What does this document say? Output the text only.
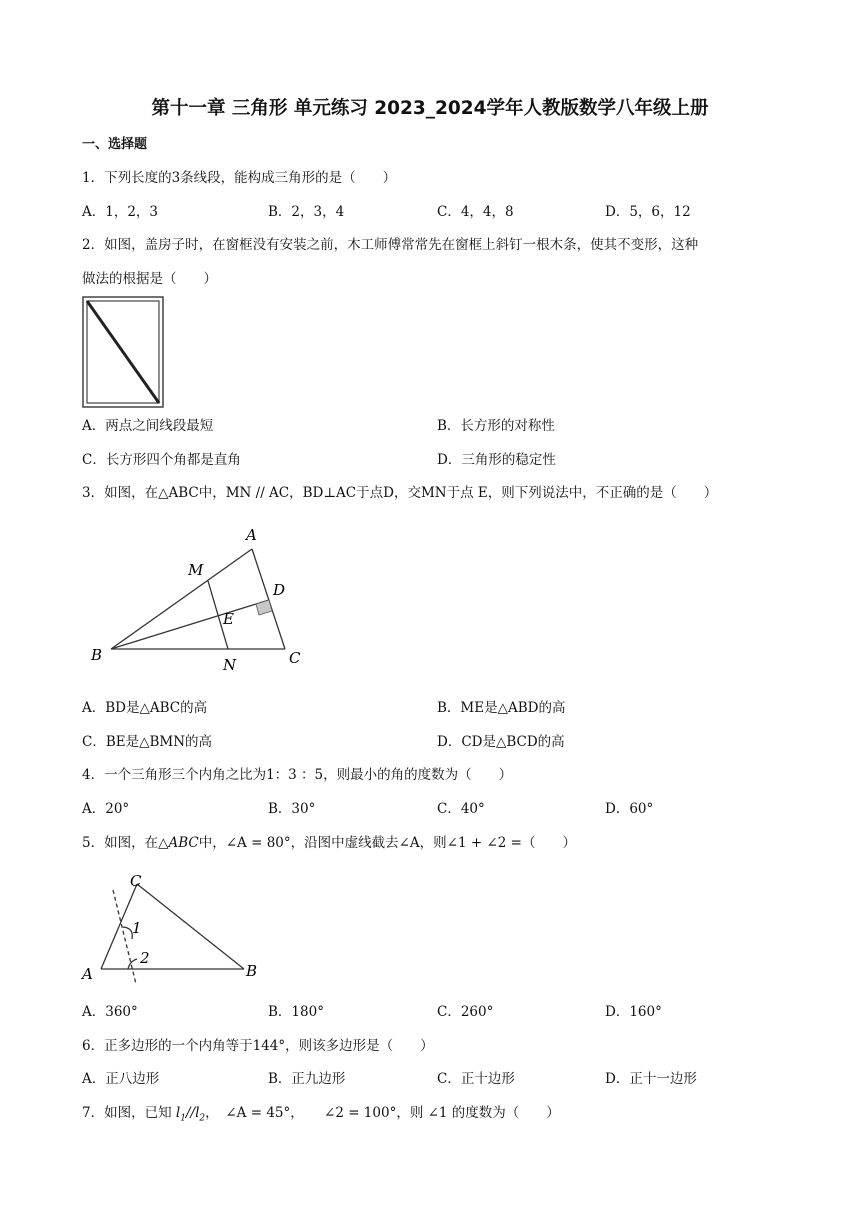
第十一章 三角形 单元练习 2023_2024学年人教版数学八年级上册
一、选择题
1．下列长度的3条线段，能构成三角形的是（　　）
A．1，2，3	B．2，3，4	C．4，4，8	D．5，6，12
2．如图，盖房子时，在窗框没有安装之前，木工师傅常常先在窗框上斜钉一根木条，使其不变形，这种
做法的根据是（　　）
A．两点之间线段最短	B．长方形的对称性
C．长方形四个角都是直角	D．三角形的稳定性
3．如图，在△ABC中，MN // AC，BD⊥AC于点D，交MN于点 E，则下列说法中，不正确的是（　　）
A
M
D
E
B
N	C
A．BD是△ABC的高	B．ME是△ABD的高
C．BE是△BMN的高	D．CD是△BCD的高
4．一个三角形三个内角之比为1：3 ：5，则最小的角的度数为（　　）
A．20°	B．30°	C．40°	D．60°
5．如图，在△ABC中，∠A = 80°，沿图中虚线截去∠A，则∠1 + ∠2 =（　　）
C
1
2
A	B
A．360°	B．180°	C．260°	D．160°
6．正多边形的一个内角等于144°，则该多边形是（　　）
A．正八边形	B．正九边形	C．正十边形	D．正十一边形
7．如图，已知 $l_1//l_2$，　∠A = 45°，　　∠2 = 100°，则 ∠1 的度数为（　　）
